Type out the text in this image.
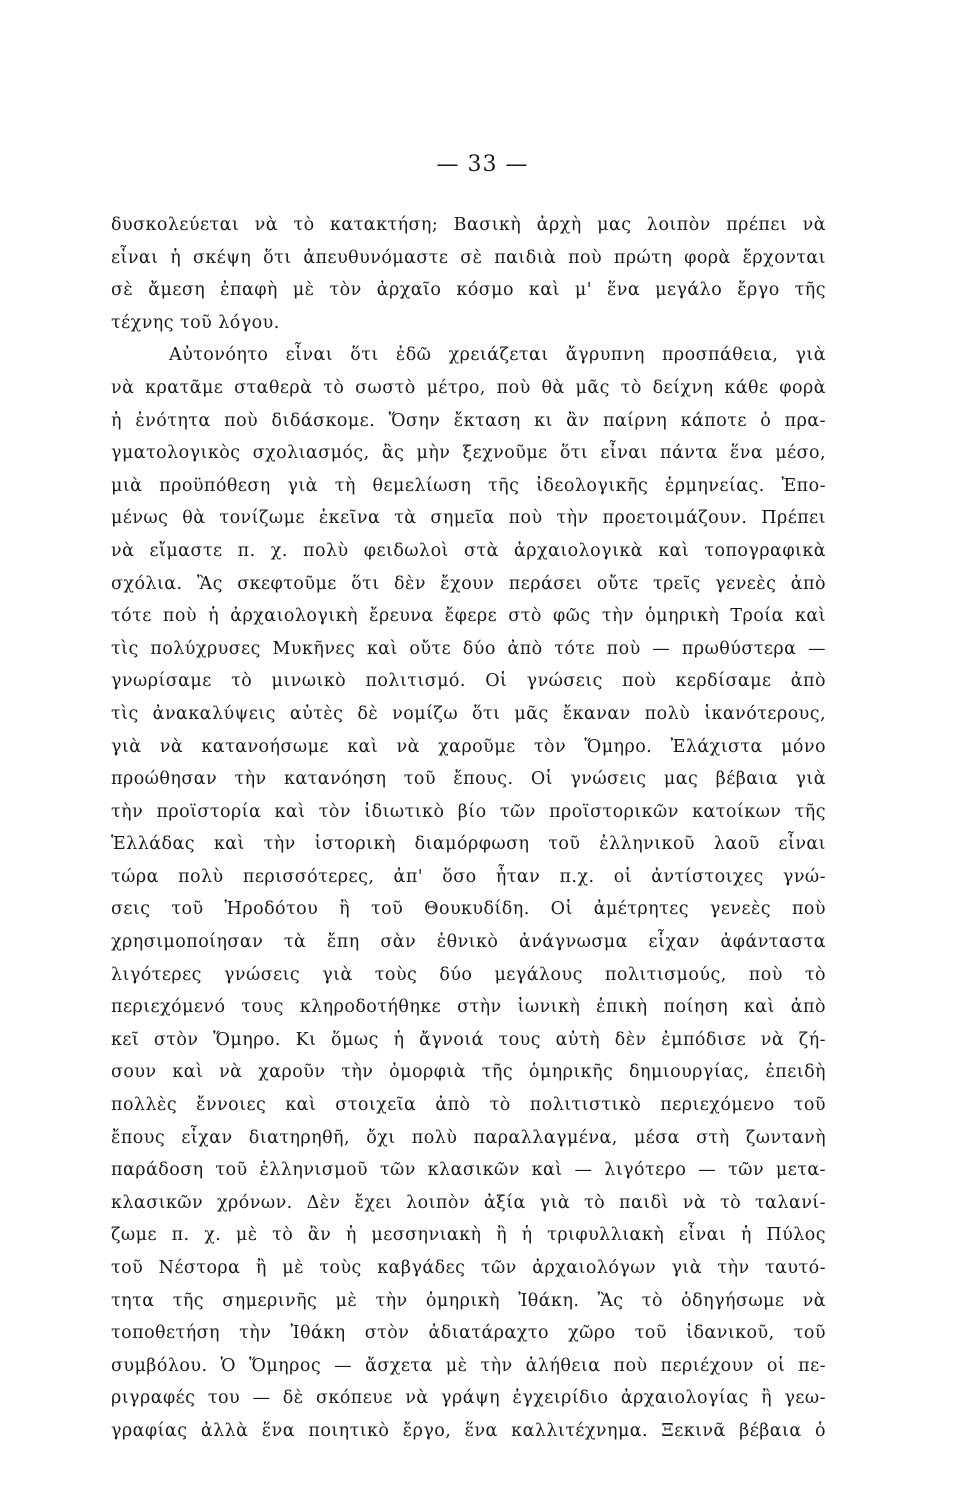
— 33 —
δυσκολεύεται νὰ τὸ κατακτήση; Βασικὴ ἀρχὴ μας λοιπὸν πρέπει νὰ
εἶναι ἡ σκέψη ὅτι ἀπευθυνόμαστε σὲ παιδιὰ ποὺ πρώτη φορὰ ἔρχονται
σὲ ἄμεση ἐπαφὴ μὲ τὸν ἀρχαῖο κόσμο καὶ μ' ἕνα μεγάλο ἔργο τῆς
τέχνης τοῦ λόγου.
Αὐτονόητο εἶναι ὅτι ἐδῶ χρειάζεται ἄγρυπνη προσπάθεια, γιὰ
νὰ κρατᾶμε σταθερὰ τὸ σωστὸ μέτρο, ποὺ θὰ μᾶς τὸ δείχνη κάθε φορὰ
ἡ ἑνότητα ποὺ διδάσκομε. Ὅσην ἔκταση κι ἂν παίρνη κάποτε ὁ πρα-
γματολογικὸς σχολιασμός, ἂς μὴν ξεχνοῦμε ὅτι εἶναι πάντα ἕνα μέσο,
μιὰ προϋπόθεση γιὰ τὴ θεμελίωση τῆς ἰδεολογικῆς ἑρμηνείας. Ἑπο-
μένως θὰ τονίζωμε ἐκεῖνα τὰ σημεῖα ποὺ τὴν προετοιμάζουν. Πρέπει
νὰ εἴμαστε π. χ. πολὺ φειδωλοὶ στὰ ἀρχαιολογικὰ καὶ τοπογραφικὰ
σχόλια. Ἂς σκεφτοῦμε ὅτι δὲν ἔχουν περάσει οὔτε τρεῖς γενεὲς ἀπὸ
τότε ποὺ ἡ ἀρχαιολογικὴ ἔρευνα ἔφερε στὸ φῶς τὴν ὁμηρικὴ Τροία καὶ
τὶς πολύχρυσες Μυκῆνες καὶ οὔτε δύο ἀπὸ τότε ποὺ — πρωθύστερα —
γνωρίσαμε τὸ μινωικὸ πολιτισμό. Οἱ γνώσεις ποὺ κερδίσαμε ἀπὸ
τὶς ἀνακαλύψεις αὐτὲς δὲ νομίζω ὅτι μᾶς ἔκαναν πολὺ ἱκανότερους,
γιὰ νὰ κατανοήσωμε καὶ νὰ χαροῦμε τὸν Ὅμηρο. Ἐλάχιστα μόνο
προώθησαν τὴν κατανόηση τοῦ ἔπους. Οἱ γνώσεις μας βέβαια γιὰ
τὴν προϊστορία καὶ τὸν ἰδιωτικὸ βίο τῶν προϊστορικῶν κατοίκων τῆς
Ἑλλάδας καὶ τὴν ἱστορικὴ διαμόρφωση τοῦ ἑλληνικοῦ λαοῦ εἶναι
τώρα πολὺ περισσότερες, ἀπ' ὅσο ἦταν π.χ. οἱ ἀντίστοιχες γνώ-
σεις τοῦ Ἡροδότου ἢ τοῦ Θουκυδίδη. Οἱ ἀμέτρητες γενεὲς ποὺ
χρησιμοποίησαν τὰ ἔπη σὰν ἐθνικὸ ἀνάγνωσμα εἶχαν ἀφάνταστα
λιγότερες γνώσεις γιὰ τοὺς δύο μεγάλους πολιτισμούς, ποὺ τὸ
περιεχόμενό τους κληροδοτήθηκε στὴν ἰωνικὴ ἐπικὴ ποίηση καὶ ἀπὸ
κεῖ στὸν Ὅμηρο. Κι ὅμως ἡ ἄγνοιά τους αὐτὴ δὲν ἐμπόδισε νὰ ζή-
σουν καὶ νὰ χαροῦν τὴν ὀμορφιὰ τῆς ὁμηρικῆς δημιουργίας, ἐπειδὴ
πολλὲς ἔννοιες καὶ στοιχεῖα ἀπὸ τὸ πολιτιστικὸ περιεχόμενο τοῦ
ἔπους εἶχαν διατηρηθῆ, ὄχι πολὺ παραλλαγμένα, μέσα στὴ ζωντανὴ
παράδοση τοῦ ἑλληνισμοῦ τῶν κλασικῶν καὶ — λιγότερο — τῶν μετα-
κλασικῶν χρόνων. Δὲν ἔχει λοιπὸν ἀξία γιὰ τὸ παιδὶ νὰ τὸ ταλανί-
ζωμε π. χ. μὲ τὸ ἂν ἡ μεσσηνιακὴ ἢ ἡ τριφυλλιακὴ εἶναι ἡ Πύλος
τοῦ Νέστορα ἢ μὲ τοὺς καβγάδες τῶν ἀρχαιολόγων γιὰ τὴν ταυτό-
τητα τῆς σημερινῆς μὲ τὴν ὁμηρικὴ Ἰθάκη. Ἂς τὸ ὁδηγήσωμε νὰ
τοποθετήση τὴν Ἰθάκη στὸν ἀδιατάραχτο χῶρο τοῦ ἰδανικοῦ, τοῦ
συμβόλου. Ὁ Ὅμηρος — ἄσχετα μὲ τὴν ἀλήθεια ποὺ περιέχουν οἱ πε-
ριγραφές του — δὲ σκόπευε νὰ γράψη ἐγχειρίδιο ἀρχαιολογίας ἢ γεω-
γραφίας ἀλλὰ ἕνα ποιητικὸ ἔργο, ἕνα καλλιτέχνημα. Ξεκινᾶ βέβαια ὁ
